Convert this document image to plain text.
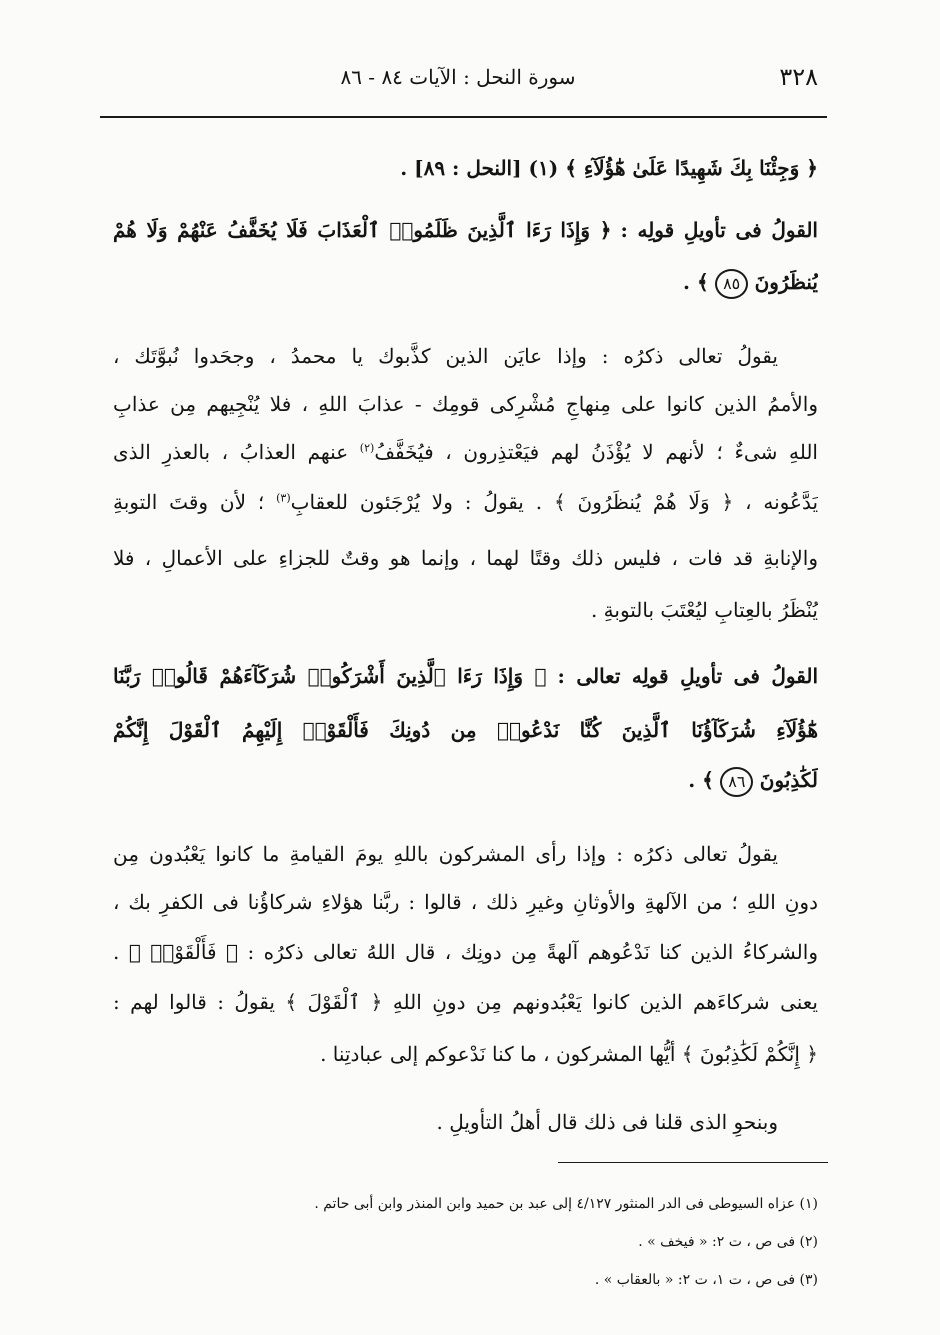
٣٢٨
سورة النحل : الآيات ٨٤ - ٨٦
﴿ وَجِئْنَا بِكَ شَهِيدًا عَلَىٰ هَٰٓؤُلَآءِ ﴾ (١) [النحل : ٨٩] .
القولُ فى تأويلِ قولِه : ﴿ وَإِذَا رَءَا ٱلَّذِينَ ظَلَمُوا۟ ٱلْعَذَابَ فَلَا يُخَفَّفُ عَنْهُمْ وَلَا هُمْ
يُنظَرُونَ ٨٥ ﴾ .
يقولُ تعالى ذكرُه : وإذا عايَن الذين كذَّبوك يا محمدُ ، وجحَدوا نُبوَّتَك ،
والأممُ الذين كانوا على مِنهاجِ مُشْرِكى قومِك - عذابَ اللهِ ، فلا يُنْجِيهم مِن عذابِ
اللهِ شىءٌ ؛ لأنهم لا يُؤْذَنُ لهم فيَعْتذِرون ، فيُخَفَّفُ$^{(٢)}$ عنهم العذابُ ، بالعذرِ الذى
يَدَّعُونه ، ﴿ وَلَا هُمْ يُنظَرُونَ ﴾ . يقولُ : ولا يُرْجَئون للعقابِ$^{(٣)}$ ؛ لأن وقتَ التوبةِ
والإنابةِ قد فات ، فليس ذلك وقتًا لهما ، وإنما هو وقتٌ للجزاءِ على الأعمالِ ، فلا
يُنْظَرُ بالعِتابِ ليُعْتَبَ بالتوبةِ .
القولُ فى تأويلِ قولِه تعالى : ﴿ وَإِذَا رَءَا ٱلَّذِينَ أَشْرَكُوا۟ شُرَكَآءَهُمْ قَالُوا۟ رَبَّنَا
هَٰٓؤُلَآءِ شُرَكَآؤُنَا ٱلَّذِينَ كُنَّا نَدْعُوا۟ مِن دُونِكَ فَأَلْقَوْا۟ إِلَيْهِمُ ٱلْقَوْلَ إِنَّكُمْ
لَكَٰذِبُونَ ٨٦ ﴾ .
يقولُ تعالى ذكرُه : وإذا رأى المشركون باللهِ يومَ القيامةِ ما كانوا يَعْبُدون مِن
دونِ اللهِ ؛ من الآلهةِ والأوثانِ وغيرِ ذلك ، قالوا : ربَّنا هؤلاءِ شركاؤُنا فى الكفرِ بك ،
والشركاءُ الذين كنا نَدْعُوهم آلهةً مِن دونِك ، قال اللهُ تعالى ذكرُه : ﴿ فَأَلْقَوْا۟ ﴾ .
يعنى شركاءَهم الذين كانوا يَعْبُدونهم مِن دونِ اللهِ ﴿ ٱلْقَوْلَ ﴾ يقولُ : قالوا لهم :
﴿ إِنَّكُمْ لَكَٰذِبُونَ ﴾ أيُّها المشركون ، ما كنا نَدْعوكم إلى عبادتِنا .
وبنحوِ الذى قلنا فى ذلك قال أهلُ التأويلِ .
(١) عزاه السيوطى فى الدر المنثور ٤/١٢٧ إلى عبد بن حميد وابن المنذر وابن أبى حاتم .
(٢) فى ص ، ت ٢: « فيخف » .
(٣) فى ص ، ت ١، ت ٢: « بالعقاب » .
